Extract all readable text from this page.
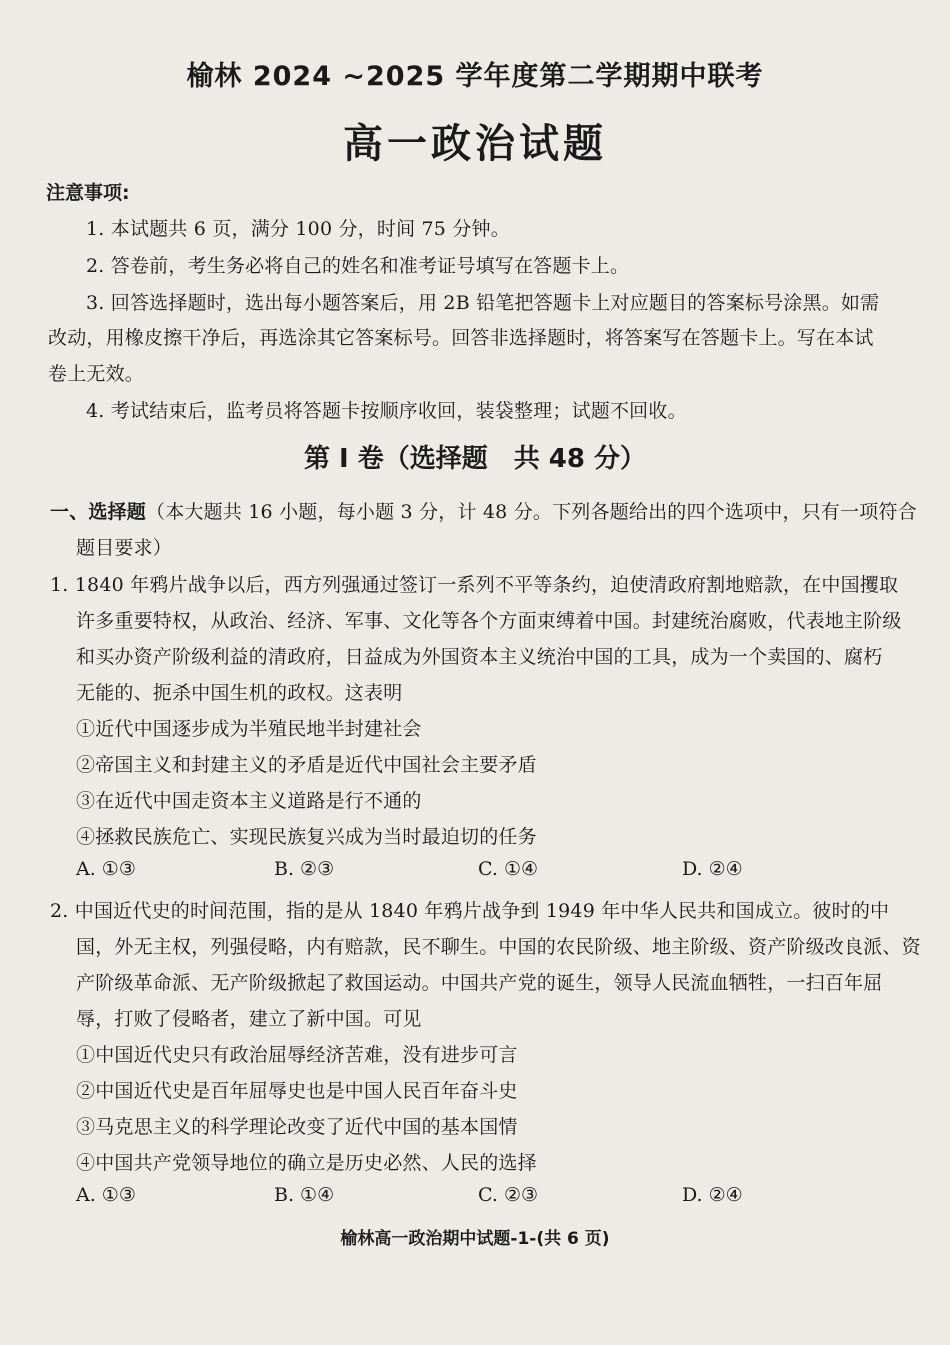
榆林 2024 ~2025 学年度第二学期期中联考
高一政治试题
注意事项:
1. 本试题共 6 页，满分 100 分，时间 75 分钟。
2. 答卷前，考生务必将自己的姓名和准考证号填写在答题卡上。
3. 回答选择题时，选出每小题答案后，用 2B 铅笔把答题卡上对应题目的答案标号涂黑。如需
改动，用橡皮擦干净后，再选涂其它答案标号。回答非选择题时，将答案写在答题卡上。写在本试
卷上无效。
4. 考试结束后，监考员将答题卡按顺序收回，装袋整理；试题不回收。
第 Ⅰ 卷（选择题　共 48 分）
一、选择题（本大题共 16 小题，每小题 3 分，计 48 分。下列各题给出的四个选项中，只有一项符合
题目要求）
1. 1840 年鸦片战争以后，西方列强通过签订一系列不平等条约，迫使清政府割地赔款，在中国攫取
许多重要特权，从政治、经济、军事、文化等各个方面束缚着中国。封建统治腐败，代表地主阶级
和买办资产阶级利益的清政府，日益成为外国资本主义统治中国的工具，成为一个卖国的、腐朽
无能的、扼杀中国生机的政权。这表明
①近代中国逐步成为半殖民地半封建社会
②帝国主义和封建主义的矛盾是近代中国社会主要矛盾
③在近代中国走资本主义道路是行不通的
④拯救民族危亡、实现民族复兴成为当时最迫切的任务
A. ①③	B. ②③	C. ①④	D. ②④
2. 中国近代史的时间范围，指的是从 1840 年鸦片战争到 1949 年中华人民共和国成立。彼时的中
国，外无主权，列强侵略，内有赔款，民不聊生。中国的农民阶级、地主阶级、资产阶级改良派、资
产阶级革命派、无产阶级掀起了救国运动。中国共产党的诞生，领导人民流血牺牲，一扫百年屈
辱，打败了侵略者，建立了新中国。可见
①中国近代史只有政治屈辱经济苦难，没有进步可言
②中国近代史是百年屈辱史也是中国人民百年奋斗史
③马克思主义的科学理论改变了近代中国的基本国情
④中国共产党领导地位的确立是历史必然、人民的选择
A. ①③	B. ①④	C. ②③	D. ②④
榆林高一政治期中试题-1-(共 6 页)
